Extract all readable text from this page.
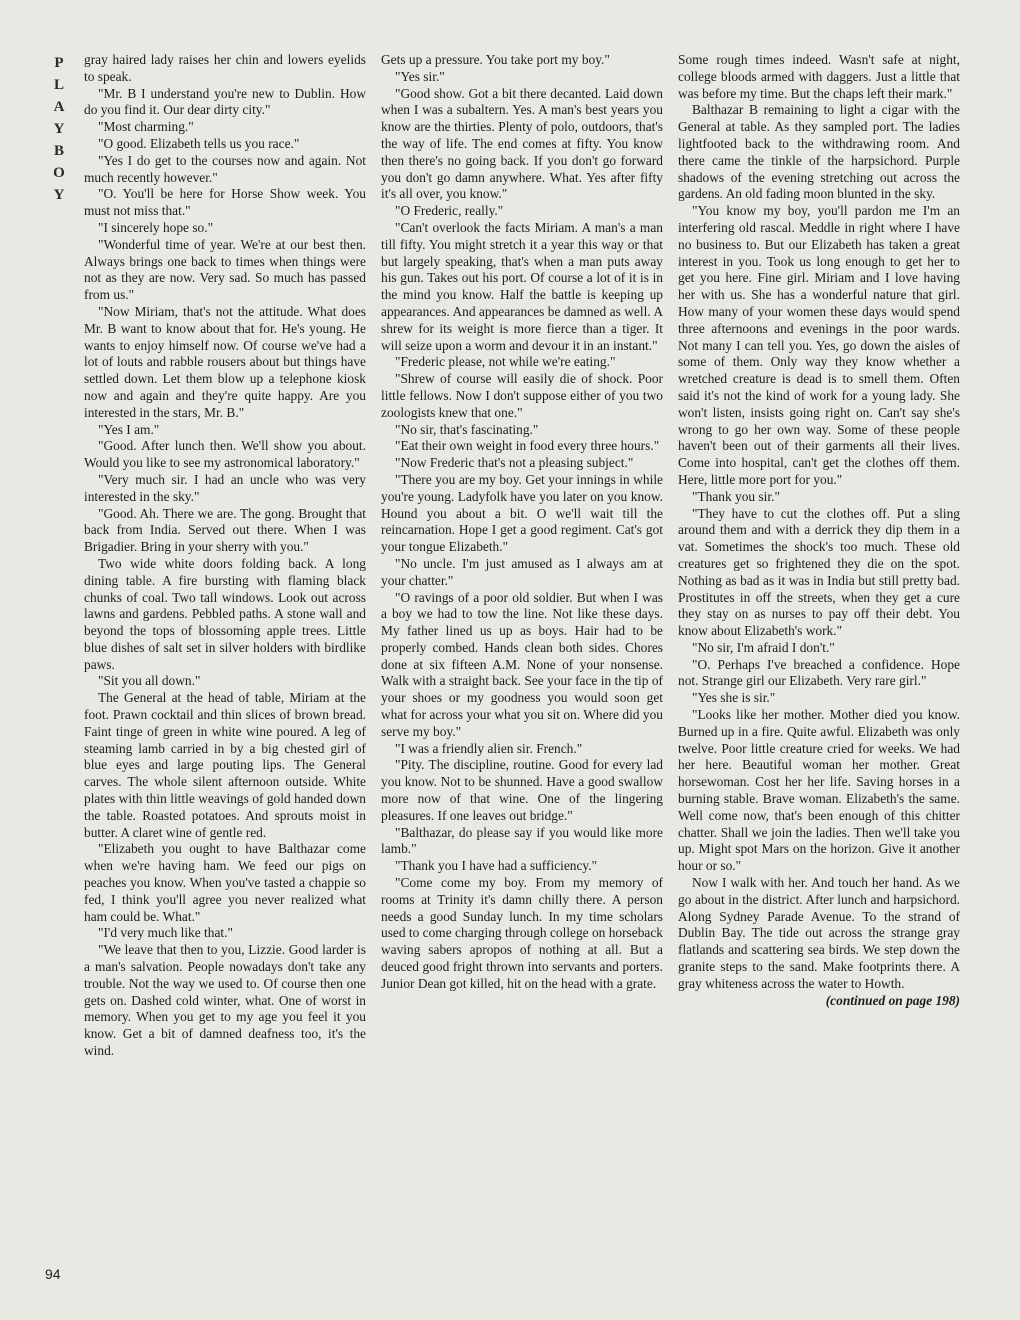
PLAYBOY

gray haired lady raises her chin and lowers eyelids to speak.

"Mr. B I understand you're new to Dublin. How do you find it. Our dear dirty city."

"Most charming."

"O good. Elizabeth tells us you race."

"Yes I do get to the courses now and again. Not much recently however."

"O. You'll be here for Horse Show week. You must not miss that."

"I sincerely hope so."

"Wonderful time of year. We're at our best then. Always brings one back to times when things were not as they are now. Very sad. So much has passed from us."

"Now Miriam, that's not the attitude. What does Mr. B want to know about that for. He's young. He wants to enjoy himself now. Of course we've had a lot of louts and rabble rousers about but things have settled down. Let them blow up a telephone kiosk now and again and they're quite happy. Are you interested in the stars, Mr. B."

"Yes I am."

"Good. After lunch then. We'll show you about. Would you like to see my astronomical laboratory."

"Very much sir. I had an uncle who was very interested in the sky."

"Good. Ah. There we are. The gong. Brought that back from India. Served out there. When I was Brigadier. Bring in your sherry with you."

Two wide white doors folding back. A long dining table. A fire bursting with flaming black chunks of coal. Two tall windows. Look out across lawns and gardens. Pebbled paths. A stone wall and beyond the tops of blossoming apple trees. Little blue dishes of salt set in silver holders with birdlike paws.

"Sit you all down."

The General at the head of table, Miriam at the foot. Prawn cocktail and thin slices of brown bread. Faint tinge of green in white wine poured. A leg of steaming lamb carried in by a big chested girl of blue eyes and large pouting lips. The General carves. The whole silent afternoon outside. White plates with thin little weavings of gold handed down the table. Roasted potatoes. And sprouts moist in butter. A claret wine of gentle red.

"Elizabeth you ought to have Balthazar come when we're having ham. We feed our pigs on peaches you know. When you've tasted a chappie so fed, I think you'll agree you never realized what ham could be. What."

"I'd very much like that."

"We leave that then to you, Lizzie. Good larder is a man's salvation. People nowadays don't take any trouble. Not the way we used to. Of course then one gets on. Dashed cold winter, what. One of worst in memory. When you get to my age you feel it you know. Get a bit of damned deafness too, it's the wind.

Gets up a pressure. You take port my boy."

"Yes sir."

"Good show. Got a bit there decanted. Laid down when I was a subaltern. Yes. A man's best years you know are the thirties. Plenty of polo, outdoors, that's the way of life. The end comes at fifty. You know then there's no going back. If you don't go forward you don't go damn anywhere. What. Yes after fifty it's all over, you know."

"O Frederic, really."

"Can't overlook the facts Miriam. A man's a man till fifty. You might stretch it a year this way or that but largely speaking, that's when a man puts away his gun. Takes out his port. Of course a lot of it is in the mind you know. Half the battle is keeping up appearances. And appearances be damned as well. A shrew for its weight is more fierce than a tiger. It will seize upon a worm and devour it in an instant."

"Frederic please, not while we're eating."

"Shrew of course will easily die of shock. Poor little fellows. Now I don't suppose either of you two zoologists knew that one."

"No sir, that's fascinating."

"Eat their own weight in food every three hours."

"Now Frederic that's not a pleasing subject."

"There you are my boy. Get your innings in while you're young. Ladyfolk have you later on you know. Hound you about a bit. O we'll wait till the reincarnation. Hope I get a good regiment. Cat's got your tongue Elizabeth."

"No uncle. I'm just amused as I always am at your chatter."

"O ravings of a poor old soldier. But when I was a boy we had to tow the line. Not like these days. My father lined us up as boys. Hair had to be properly combed. Hands clean both sides. Chores done at six fifteen A.M. None of your nonsense. Walk with a straight back. See your face in the tip of your shoes or my goodness you would soon get what for across your what you sit on. Where did you serve my boy."

"I was a friendly alien sir. French."

"Pity. The discipline, routine. Good for every lad you know. Not to be shunned. Have a good swallow more now of that wine. One of the lingering pleasures. If one leaves out bridge."

"Balthazar, do please say if you would like more lamb."

"Thank you I have had a sufficiency."

"Come come my boy. From my memory of rooms at Trinity it's damn chilly there. A person needs a good Sunday lunch. In my time scholars used to come charging through college on horseback waving sabers apropos of nothing at all. But a deuced good fright thrown into servants and porters. Junior Dean got killed, hit on the head with a grate.

Some rough times indeed. Wasn't safe at night, college bloods armed with daggers. Just a little that was before my time. But the chaps left their mark."

Balthazar B remaining to light a cigar with the General at table. As they sampled port. The ladies lightfooted back to the withdrawing room. And there came the tinkle of the harpsichord. Purple shadows of the evening stretching out across the gardens. An old fading moon blunted in the sky.

"You know my boy, you'll pardon me I'm an interfering old rascal. Meddle in right where I have no business to. But our Elizabeth has taken a great interest in you. Took us long enough to get her to get you here. Fine girl. Miriam and I love having her with us. She has a wonderful nature that girl. How many of your women these days would spend three afternoons and evenings in the poor wards. Not many I can tell you. Yes, go down the aisles of some of them. Only way they know whether a wretched creature is dead is to smell them. Often said it's not the kind of work for a young lady. She won't listen, insists going right on. Can't say she's wrong to go her own way. Some of these people haven't been out of their garments all their lives. Come into hospital, can't get the clothes off them. Here, little more port for you."

"Thank you sir."

"They have to cut the clothes off. Put a sling around them and with a derrick they dip them in a vat. Sometimes the shock's too much. These old creatures get so frightened they die on the spot. Nothing as bad as it was in India but still pretty bad. Prostitutes in off the streets, when they get a cure they stay on as nurses to pay off their debt. You know about Elizabeth's work."

"No sir, I'm afraid I don't."

"O. Perhaps I've breached a confidence. Hope not. Strange girl our Elizabeth. Very rare girl."

"Yes she is sir."

"Looks like her mother. Mother died you know. Burned up in a fire. Quite awful. Elizabeth was only twelve. Poor little creature cried for weeks. We had her here. Beautiful woman her mother. Great horsewoman. Cost her her life. Saving horses in a burning stable. Brave woman. Elizabeth's the same. Well come now, that's been enough of this chitter chatter. Shall we join the ladies. Then we'll take you up. Might spot Mars on the horizon. Give it another hour or so."

Now I walk with her. And touch her hand. As we go about in the district. After lunch and harpsichord. Along Sydney Parade Avenue. To the strand of Dublin Bay. The tide out across the strange gray flatlands and scattering sea birds. We step down the granite steps to the sand. Make footprints there. A gray whiteness across the water to Howth.

(continued on page 198)
94
